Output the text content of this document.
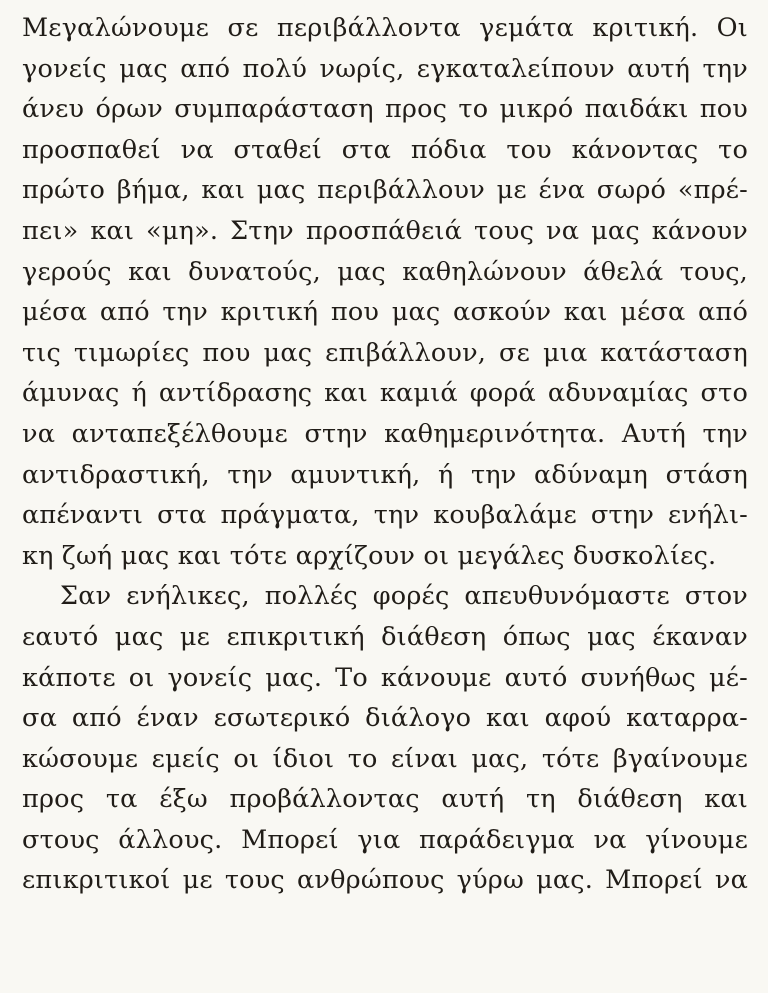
Μεγαλώνουμε σε περιβάλλοντα γεμάτα κριτική. Οι
γονείς μας από πολύ νωρίς, εγκαταλείπουν αυτή την
άνευ όρων συμπαράσταση προς το μικρό παιδάκι που
προσπαθεί να σταθεί στα πόδια του κάνοντας το
πρώτο βήμα, και μας περιβάλλουν με ένα σωρό «πρέ-
πει» και «μη». Στην προσπάθειά τους να μας κάνουν
γερούς και δυνατούς, μας καθηλώνουν άθελά τους,
μέσα από την κριτική που μας ασκούν και μέσα από
τις τιμωρίες που μας επιβάλλουν, σε μια κατάσταση
άμυνας ή αντίδρασης και καμιά φορά αδυναμίας στο
να ανταπεξέλθουμε στην καθημερινότητα. Αυτή την
αντιδραστική, την αμυντική, ή την αδύναμη στάση
απέναντι στα πράγματα, την κουβαλάμε στην ενήλι-
κη ζωή μας και τότε αρχίζουν οι μεγάλες δυσκολίες.
Σαν ενήλικες, πολλές φορές απευθυνόμαστε στον
εαυτό μας με επικριτική διάθεση όπως μας έκαναν
κάποτε οι γονείς μας. Το κάνουμε αυτό συνήθως μέ-
σα από έναν εσωτερικό διάλογο και αφού καταρρα-
κώσουμε εμείς οι ίδιοι το είναι μας, τότε βγαίνουμε
προς τα έξω προβάλλοντας αυτή τη διάθεση και
στους άλλους. Μπορεί για παράδειγμα να γίνουμε
επικριτικοί με τους ανθρώπους γύρω μας. Μπορεί να
